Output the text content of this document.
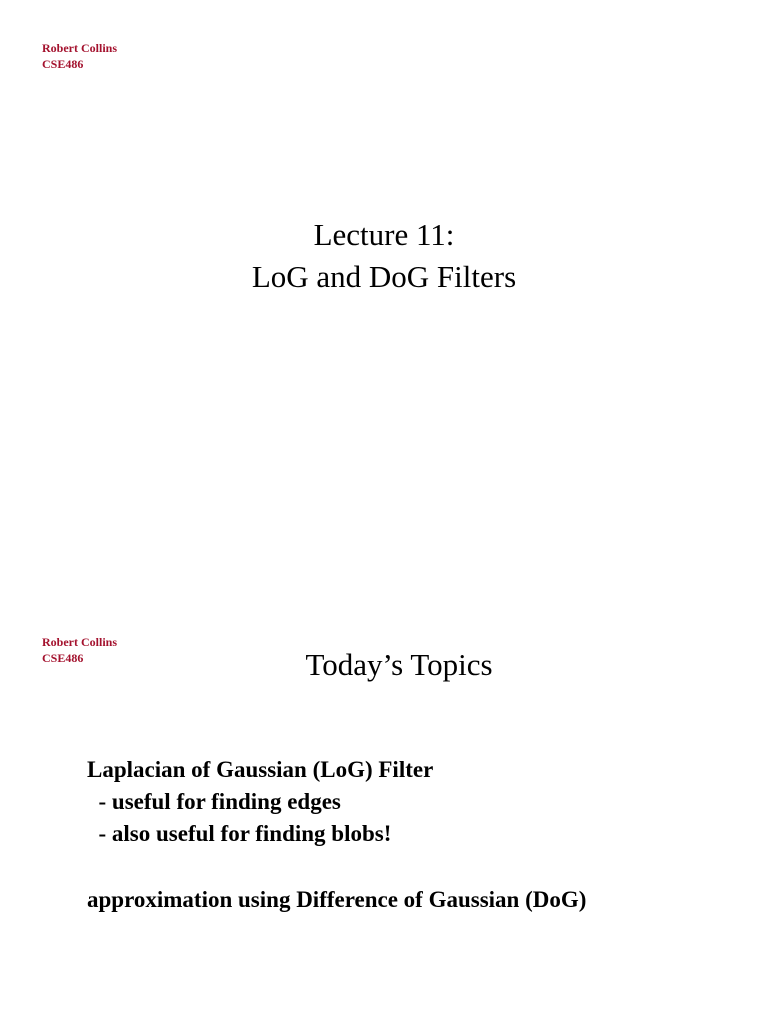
Robert Collins
CSE486
Lecture 11:
LoG and DoG Filters
Robert Collins
CSE486	Today’s Topics
Laplacian of Gaussian (LoG) Filter
- useful for finding edges
- also useful for finding blobs!
approximation using Difference of Gaussian (DoG)
